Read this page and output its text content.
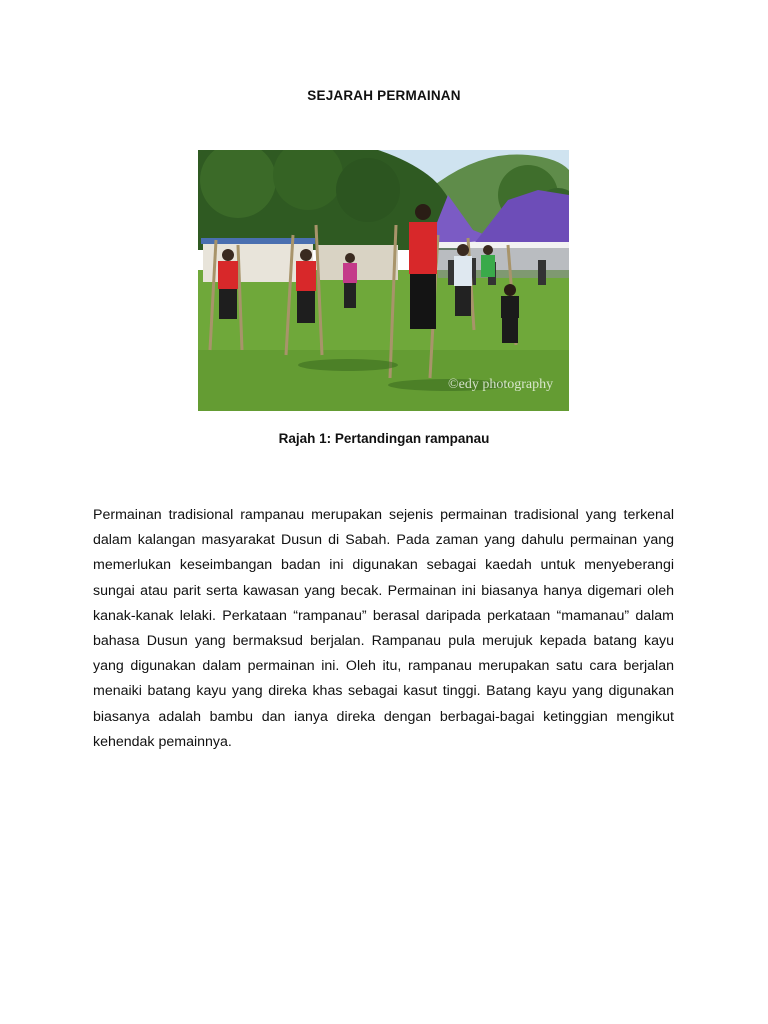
SEJARAH PERMAINAN
©edy photography
Rajah 1: Pertandingan rampanau
Permainan tradisional rampanau merupakan sejenis permainan tradisional yang terkenal dalam kalangan masyarakat Dusun di Sabah. Pada zaman yang dahulu permainan yang memerlukan keseimbangan badan ini digunakan sebagai kaedah untuk menyeberangi sungai atau parit serta kawasan yang becak. Permainan ini biasanya hanya digemari oleh kanak-kanak lelaki. Perkataan “rampanau” berasal daripada perkataan “mamanau” dalam bahasa Dusun yang bermaksud berjalan. Rampanau pula merujuk kepada batang kayu yang digunakan dalam permainan ini. Oleh itu, rampanau merupakan satu cara berjalan menaiki batang kayu yang direka khas sebagai kasut tinggi. Batang kayu yang digunakan biasanya adalah bambu dan ianya direka dengan berbagai-bagai ketinggian mengikut kehendak pemainnya.
